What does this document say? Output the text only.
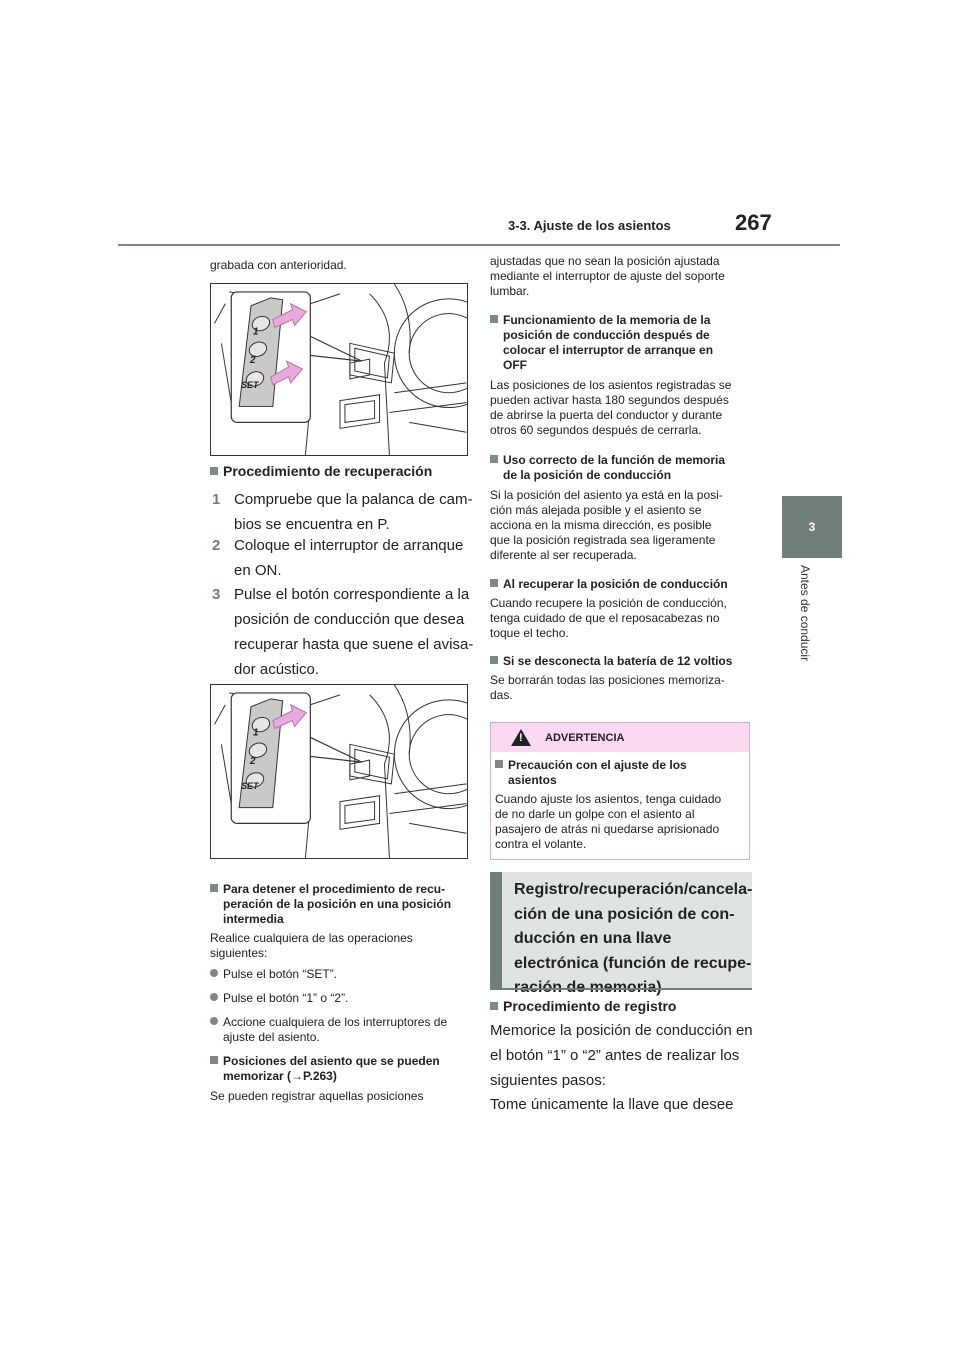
3-3. Ajuste de los asientos	267
3
Antes de conducir
grabada con anterioridad.
1
2
SET
Procedimiento de recuperación
1 Compruebe que la palanca de cam-
bios se encuentra en P.
2 Coloque el interruptor de arranque
en ON.
3 Pulse el botón correspondiente a la
posición de conducción que desea
recuperar hasta que suene el avisa-
dor acústico.
1
2
SET
Para detener el procedimiento de recu-
peración de la posición en una posición
intermedia
Realice cualquiera de las operaciones
siguientes:
Pulse el botón “SET”.
Pulse el botón “1” o “2”.
Accione cualquiera de los interruptores de
ajuste del asiento.
Posiciones del asiento que se pueden
memorizar (→P.263)
Se pueden registrar aquellas posiciones
ajustadas que no sean la posición ajustada
mediante el interruptor de ajuste del soporte
lumbar.
Funcionamiento de la memoria de la
posición de conducción después de
colocar el interruptor de arranque en
OFF
Las posiciones de los asientos registradas se
pueden activar hasta 180 segundos después
de abrirse la puerta del conductor y durante
otros 60 segundos después de cerrarla.
Uso correcto de la función de memoria
de la posición de conducción
Si la posición del asiento ya está en la posi-
ción más alejada posible y el asiento se
acciona en la misma dirección, es posible
que la posición registrada sea ligeramente
diferente al ser recuperada.
Al recuperar la posición de conducción
Cuando recupere la posición de conducción,
tenga cuidado de que el reposacabezas no
toque el techo.
Si se desconecta la batería de 12 voltios
Se borrarán todas las posiciones memoriza-
das.
!
ADVERTENCIA
Precaución con el ajuste de los
asientos
Cuando ajuste los asientos, tenga cuidado
de no darle un golpe con el asiento al
pasajero de atrás ni quedarse aprisionado
contra el volante.
Registro/recuperación/cancela-
ción de una posición de con-
ducción en una llave
electrónica (función de recupe-
Procedimiento de registro
Memorice la posición de conducción en
el botón “1” o “2” antes de realizar los
siguientes pasos:
Tome únicamente la llave que desee
